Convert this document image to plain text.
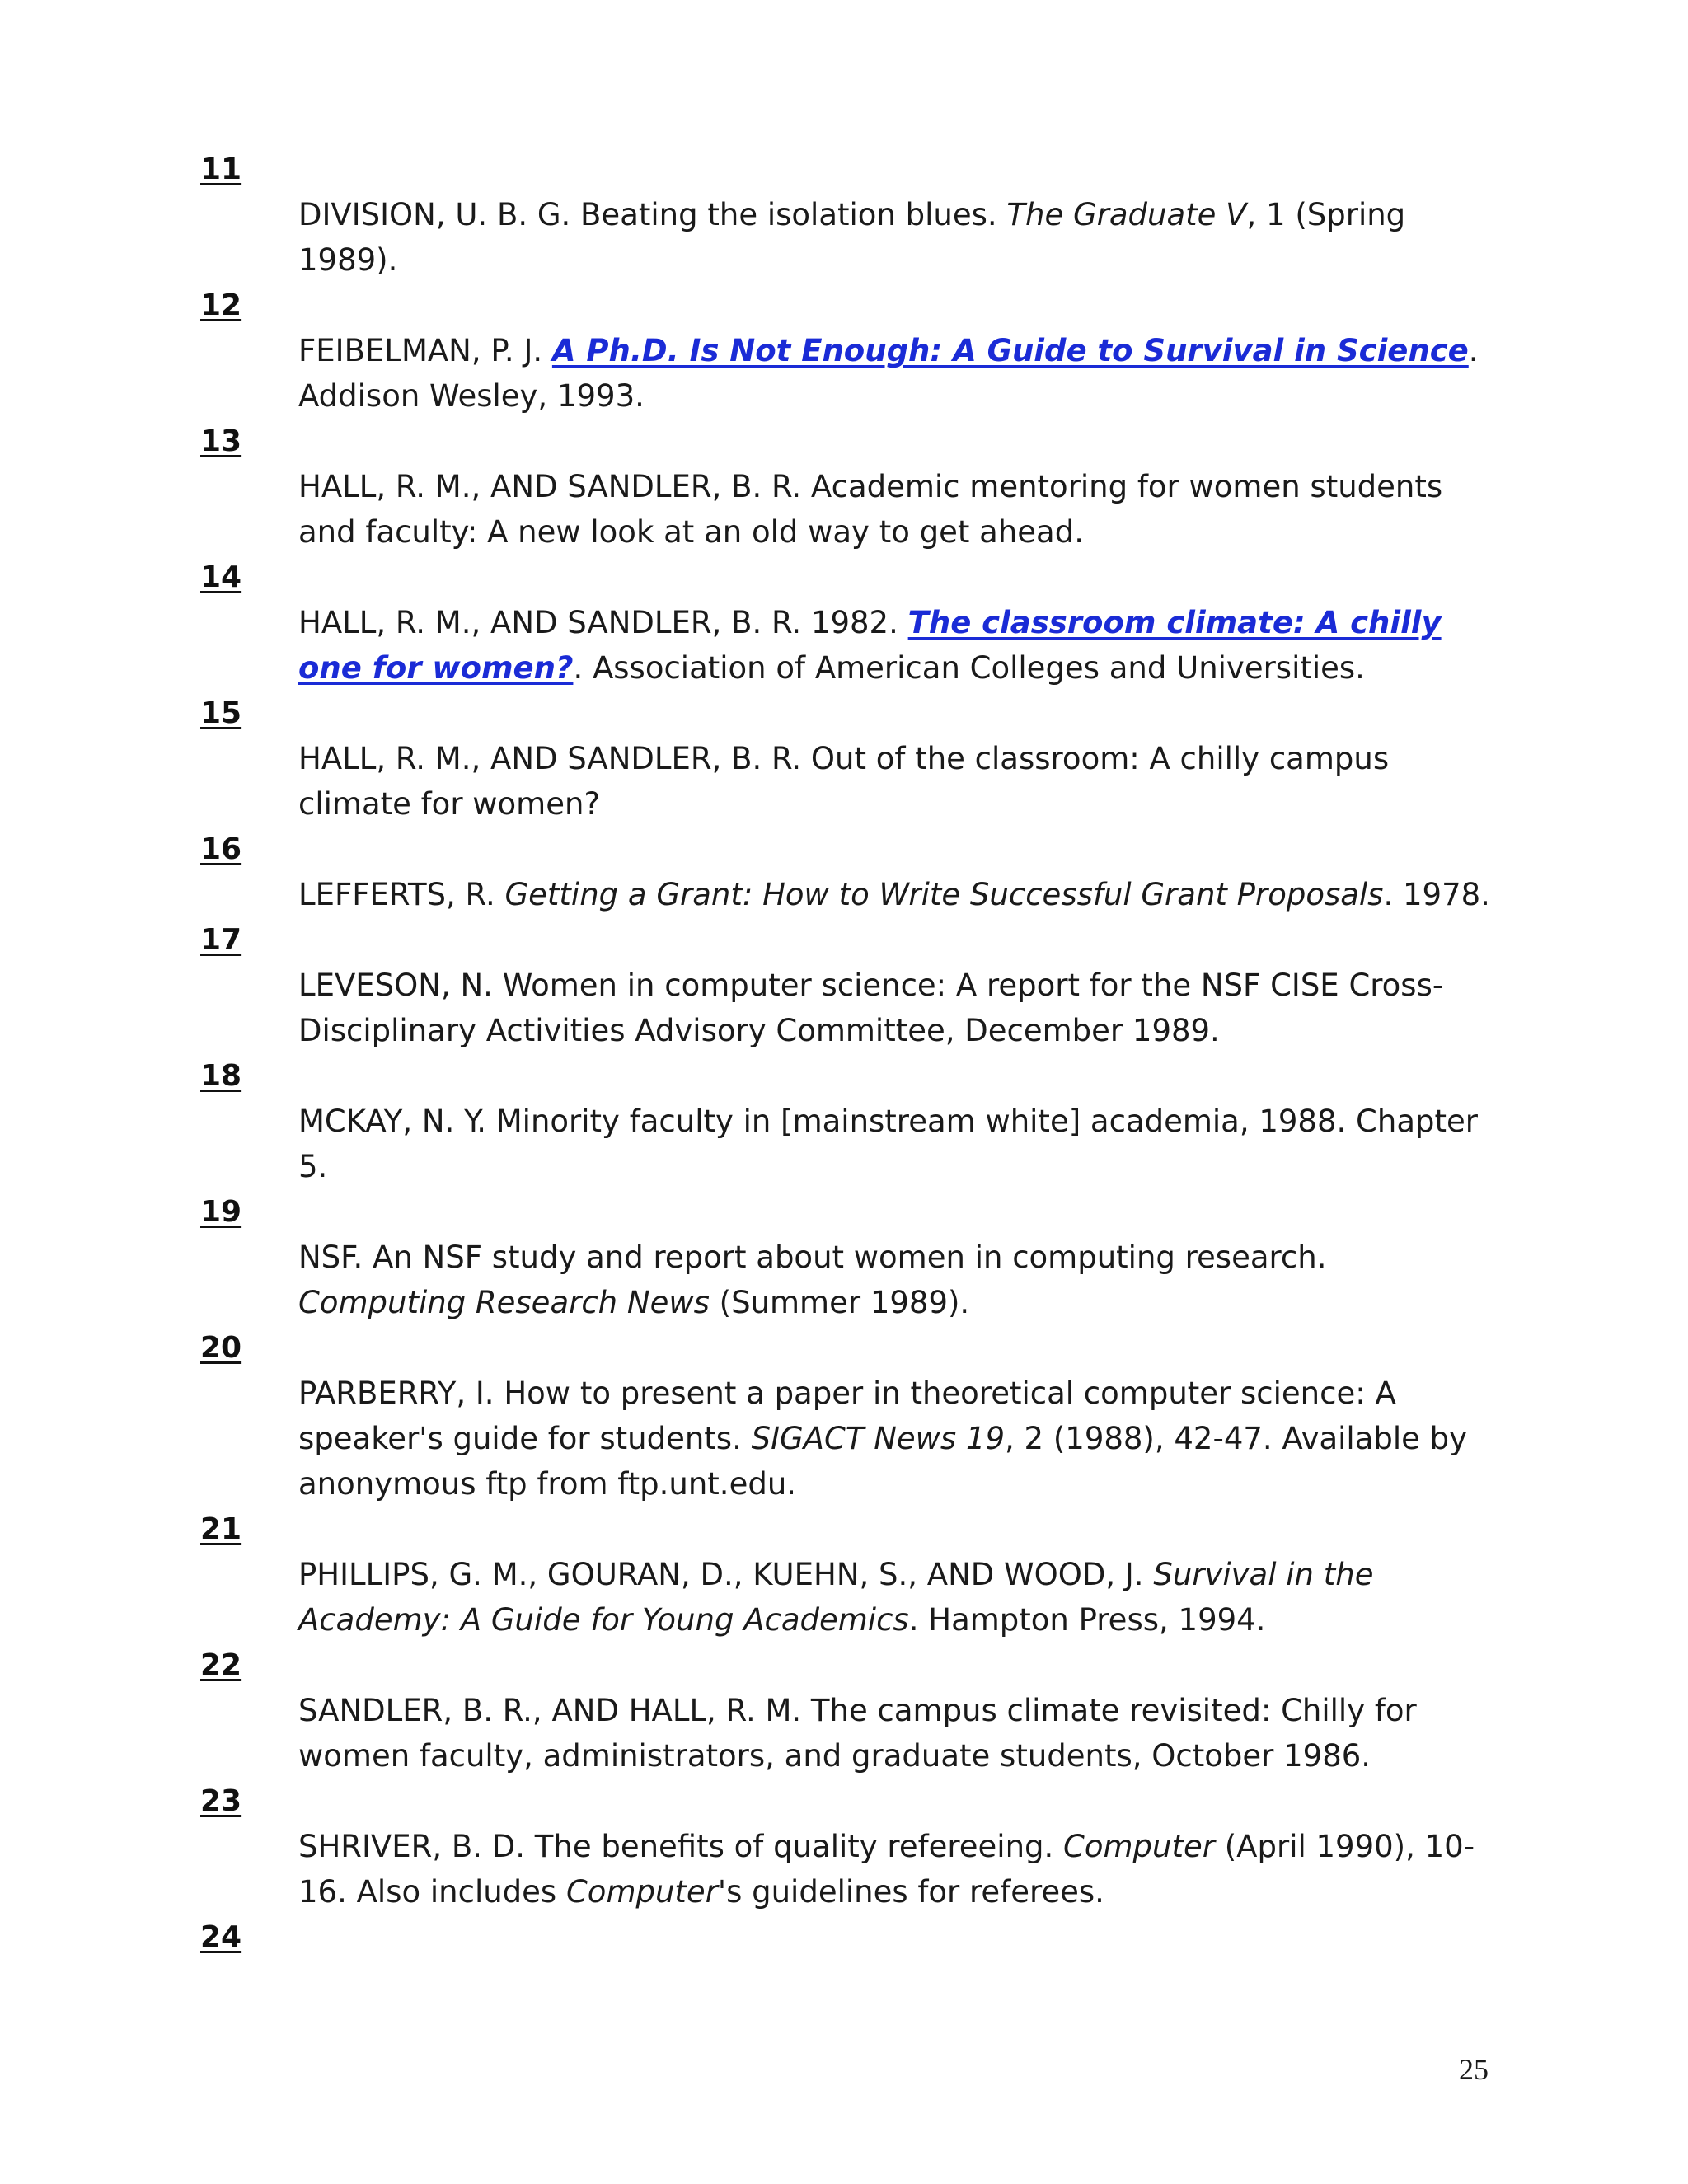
11
DIVISION, U. B. G. Beating the isolation blues. The Graduate V, 1 (Spring 1989).
12
FEIBELMAN, P. J. A Ph.D. Is Not Enough: A Guide to Survival in Science. Addison Wesley, 1993.
13
HALL, R. M., AND SANDLER, B. R. Academic mentoring for women students and faculty: A new look at an old way to get ahead.
14
HALL, R. M., AND SANDLER, B. R. 1982. The classroom climate: A chilly one for women?. Association of American Colleges and Universities.
15
HALL, R. M., AND SANDLER, B. R. Out of the classroom: A chilly campus climate for women?
16
LEFFERTS, R. Getting a Grant: How to Write Successful Grant Proposals. 1978.
17
LEVESON, N. Women in computer science: A report for the NSF CISE Cross-Disciplinary Activities Advisory Committee, December 1989.
18
MCKAY, N. Y. Minority faculty in [mainstream white] academia, 1988. Chapter 5.
19
NSF. An NSF study and report about women in computing research. Computing Research News (Summer 1989).
20
PARBERRY, I. How to present a paper in theoretical computer science: A speaker's guide for students. SIGACT News 19, 2 (1988), 42-47. Available by anonymous ftp from ftp.unt.edu.
21
PHILLIPS, G. M., GOURAN, D., KUEHN, S., AND WOOD, J. Survival in the Academy: A Guide for Young Academics. Hampton Press, 1994.
22
SANDLER, B. R., AND HALL, R. M. The campus climate revisited: Chilly for women faculty, administrators, and graduate students, October 1986.
23
SHRIVER, B. D. The benefits of quality refereeing. Computer (April 1990), 10-16. Also includes Computer's guidelines for referees.
24
25
